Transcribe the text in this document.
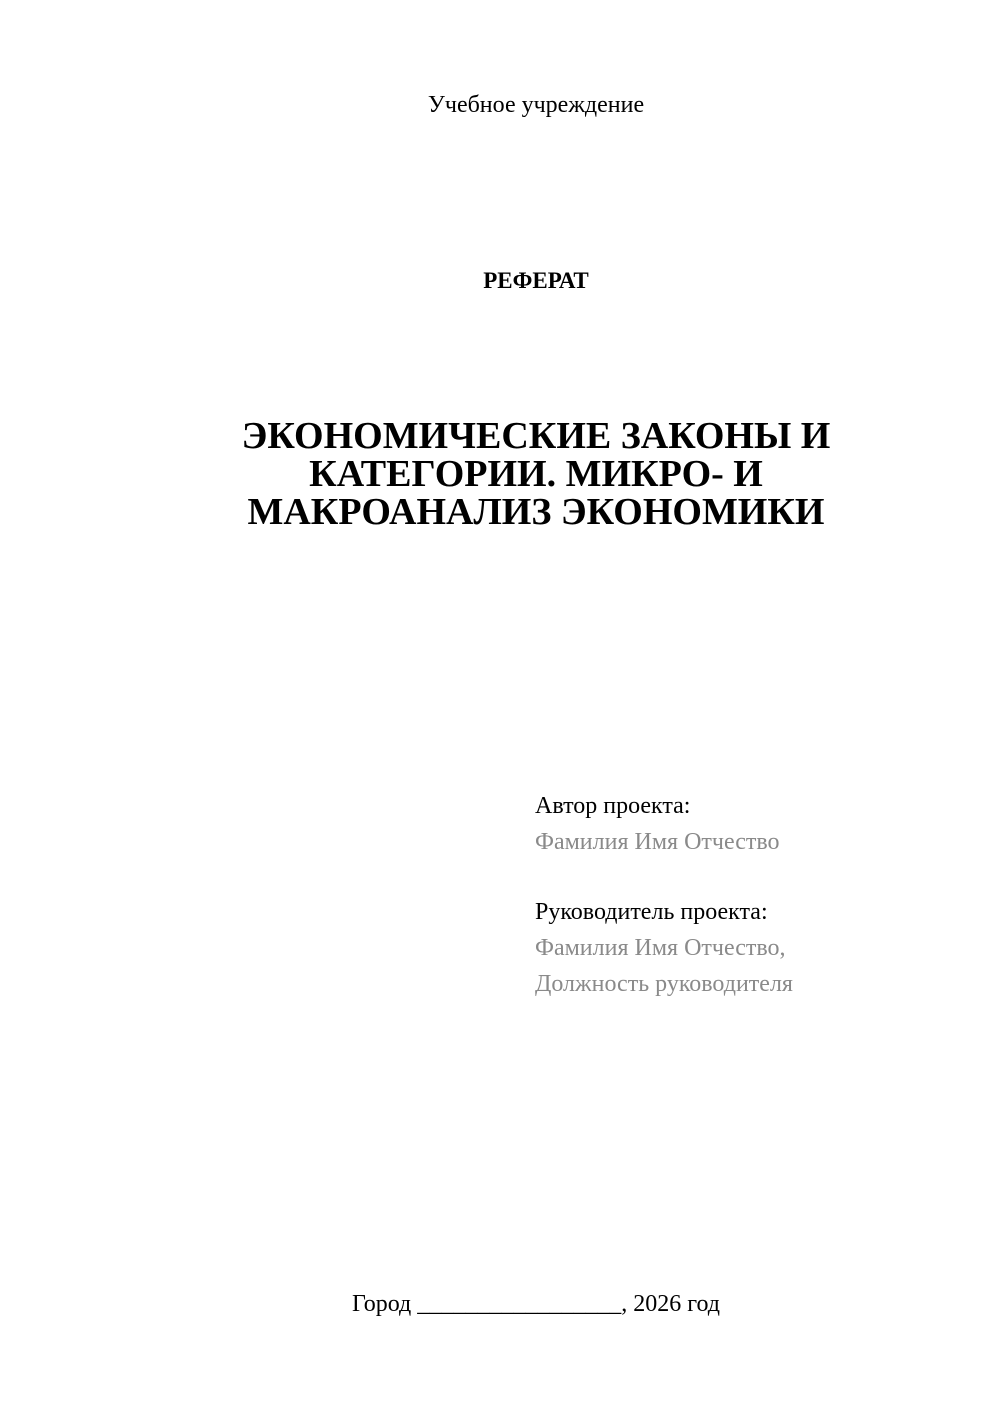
Учебное учреждение
РЕФЕРАТ
ЭКОНОМИЧЕСКИЕ ЗАКОНЫ И
КАТЕГОРИИ. МИКРО- И
МАКРОАНАЛИЗ ЭКОНОМИКИ
Автор проекта:
Фамилия Имя Отчество
Руководитель проекта:
Фамилия Имя Отчество,
Должность руководителя
Город _________________, 2026 год
